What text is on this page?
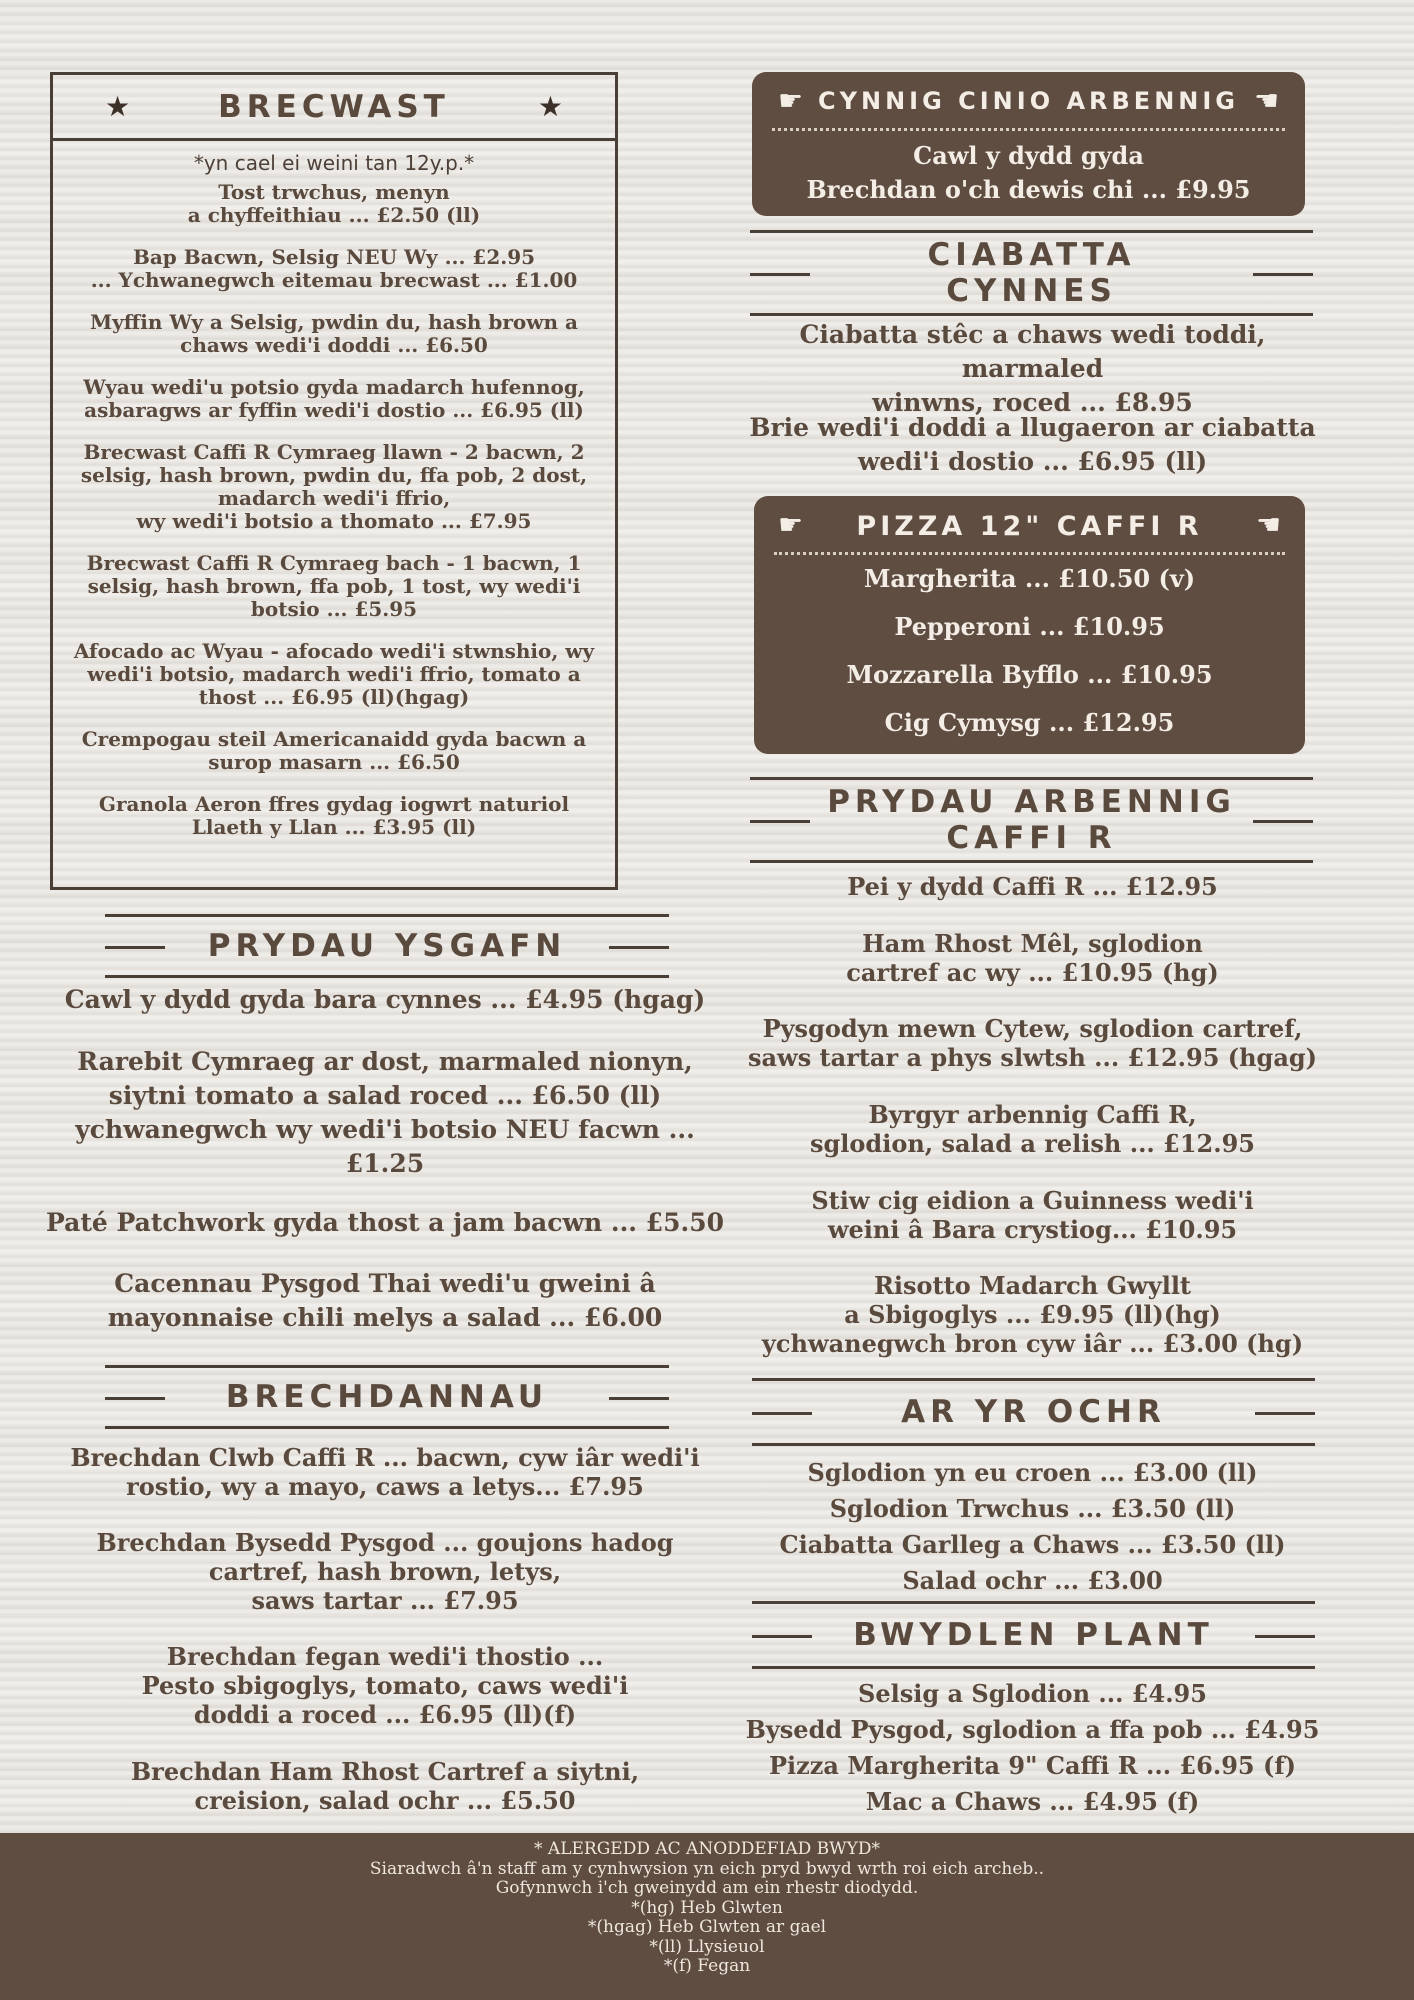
★	BRECWAST	★
*yn cael ei weini tan 12y.p.*
Tost trwchus, menyn
a chyffeithiau ... £2.50 (ll)
Bap Bacwn, Selsig NEU Wy ... £2.95
... Ychwanegwch eitemau brecwast ... £1.00
Myffin Wy a Selsig, pwdin du, hash brown a
chaws wedi'i doddi ... £6.50
Wyau wedi'u potsio gyda madarch hufennog,
asbaragws ar fyffin wedi'i dostio ... £6.95 (ll)
Brecwast Caffi R Cymraeg llawn - 2 bacwn, 2
selsig, hash brown, pwdin du, ffa pob, 2 dost,
madarch wedi'i ffrio,
wy wedi'i botsio a thomato ... £7.95
Brecwast Caffi R Cymraeg bach - 1 bacwn, 1
selsig, hash brown, ffa pob, 1 tost, wy wedi'i
botsio ... £5.95
Afocado ac Wyau - afocado wedi'i stwnshio, wy
wedi'i botsio, madarch wedi'i ffrio, tomato a
thost ... £6.95 (ll)(hgag)
Crempogau steil Americanaidd gyda bacwn a
surop masarn ... £6.50
Granola Aeron ffres gydag iogwrt naturiol
Llaeth y Llan ... £3.95 (ll)
PRYDAU YSGAFN
Cawl y dydd gyda bara cynnes ... £4.95 (hgag)
Rarebit Cymraeg ar dost, marmaled nionyn,
siytni tomato a salad roced ... £6.50 (ll)
ychwanegwch wy wedi'i botsio NEU facwn ...
£1.25
Paté Patchwork gyda thost a jam bacwn ... £5.50
Cacennau Pysgod Thai wedi'u gweini â
mayonnaise chili melys a salad ... £6.00
BRECHDANNAU
Brechdan Clwb Caffi R ... bacwn, cyw iâr wedi'i
rostio, wy a mayo, caws a letys... £7.95
Brechdan Bysedd Pysgod ... goujons hadog
cartref, hash brown, letys,
saws tartar ... £7.95
Brechdan fegan wedi'i thostio ...
Pesto sbigoglys, tomato, caws wedi'i
doddi a roced ... £6.95 (ll)(f)
Brechdan Ham Rhost Cartref a siytni,
creision, salad ochr ... £5.50
☛	☛
CYNNIG CINIO ARBENNIG
Cawl y dydd gyda
Brechdan o'ch dewis chi ... £9.95
CIABATTA
CYNNES
Ciabatta stêc a chaws wedi toddi, marmaled
winwns, roced ... £8.95
Brie wedi'i doddi a llugaeron ar ciabatta
wedi'i dostio ... £6.95 (ll)
☛	☛
PIZZA 12" CAFFI R
Margherita ... £10.50 (v)
Pepperoni ... £10.95
Mozzarella Byfflo ... £10.95
Cig Cymysg ... £12.95
PRYDAU ARBENNIG
CAFFI R
Pei y dydd Caffi R ... £12.95
Ham Rhost Mêl, sglodion
cartref ac wy ... £10.95 (hg)
Pysgodyn mewn Cytew, sglodion cartref,
saws tartar a phys slwtsh ... £12.95 (hgag)
Byrgyr arbennig Caffi R,
sglodion, salad a relish ... £12.95
Stiw cig eidion a Guinness wedi'i
weini â Bara crystiog... £10.95
Risotto Madarch Gwyllt
a Sbigoglys ... £9.95 (ll)(hg)
ychwanegwch bron cyw iâr ... £3.00 (hg)
AR YR OCHR
Sglodion yn eu croen ... £3.00 (ll)
Sglodion Trwchus ... £3.50 (ll)
Ciabatta Garlleg a Chaws ... £3.50 (ll)
Salad ochr ... £3.00
BWYDLEN PLANT
Selsig a Sglodion ... £4.95
Bysedd Pysgod, sglodion a ffa pob ... £4.95
Pizza Margherita 9" Caffi R ... £6.95 (f)
Mac a Chaws ... £4.95 (f)
* ALERGEDD AC ANODDEFIAD BWYD*
Siaradwch â'n staff am y cynhwysion yn eich pryd bwyd wrth roi eich archeb..
Gofynnwch i'ch gweinydd am ein rhestr diodydd.
*(hg) Heb Glwten
*(hgag) Heb Glwten ar gael
*(ll) Llysieuol
*(f) Fegan
